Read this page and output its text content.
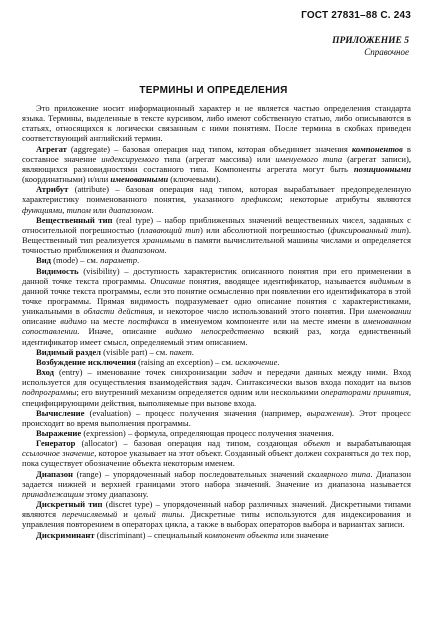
ГОСТ 27831–88 С. 243
ПРИЛОЖЕНИЕ 5
Справочное
ТЕРМИНЫ И ОПРЕДЕЛЕНИЯ

Это приложение носит информационный характер и не является частью определения стандарта языка. Термины, выделенные в тексте курсивом, либо имеют собственную статью, либо описываются в статьях, относящихся к логически связанным с ними понятиям. После термина в скобках приведен соответствующий английский термин.

Агрегат (aggregate) – базовая операция над типом, которая объединяет значения компонентов в составное значение индексируемого типа (агрегат массива) или именуемого типа (агрегат записи), являющихся разновидностями составного типа. Компоненты агрегата могут быть позиционными (координатными) и/или именованными (ключевыми).

Атрибут (attribute) – базовая операция над типом, которая вырабатывает предопределенную характеристику поименованного понятия, указанного префиксом; некоторые атрибуты являются функциями, типом или диапазоном.

Вещественный тип (real type) – набор приближенных значений вещественных чисел, заданных с относительной погрешностью (плавающий тип) или абсолютной погрешностью (фиксированный тип). Вещественный тип реализуется хранимыми в памяти вычислительной машины числами и определяется точностью приближения и диапазоном.

Вид (mode) – см. параметр.

Видимость (visibility) – доступность характеристик описанного понятия при его применении в данной точке текста программы. Описание понятия, вводящее идентификатор, называется видимым в данной точке текста программы, если это понятие осмысленно при появлении его идентификатора в этой точке программы. Прямая видимость подразумевает одно описание понятия с характеристиками, уникальными в области действия, и некоторое число использований этого понятия. При именовании описание видимо на месте постфикса в именуемом компоненте или на месте имени в именованном сопоставлении. Иначе, описание видимо непосредственно всякий раз, когда единственный идентификатор имеет смысл, определяемый этим описанием.

Видимый раздел (visible part) – см. пакет.

Возбуждение исключения (raising an exception) – см. исключение.

Вход (entry) – именование точек синхронизации задач и передачи данных между ними. Вход используется для осуществления взаимодействия задач. Синтаксически вызов входа походит на вызов подпрограммы; его внутренний механизм определяется одним или несколькими операторами принятия, специфицирующими действия, выполняемые при вызове входа.

Вычисление (evaluation) – процесс получения значения (например, выражения). Этот процесс происходит во время выполнения программы.

Выражение (expression) – формула, определяющая процесс получения значения.

Генератор (allocator) – базовая операция над типом, создающая объект и вырабатывающая ссылочное значение, которое указывает на этот объект. Созданный объект должен сохраняться до тех пор, пока существует обозначение объекта некоторым именем.

Диапазон (range) – упорядоченный набор последовательных значений скалярного типа. Диапазон задается нижней и верхней границами этого набора значений. Значение из диапазона называется принадлежащим этому диапазону.

Дискретный тип (discret type) – упорядоченный набор различных значений. Дискретными типами являются перечисляемый и целый типы. Дискретные типы используются для индексирования и управления повторением в операторах цикла, а также в выборах операторов выбора и вариантах записи.

Дискриминант (discriminant) – специальный компонент объекта или значение
